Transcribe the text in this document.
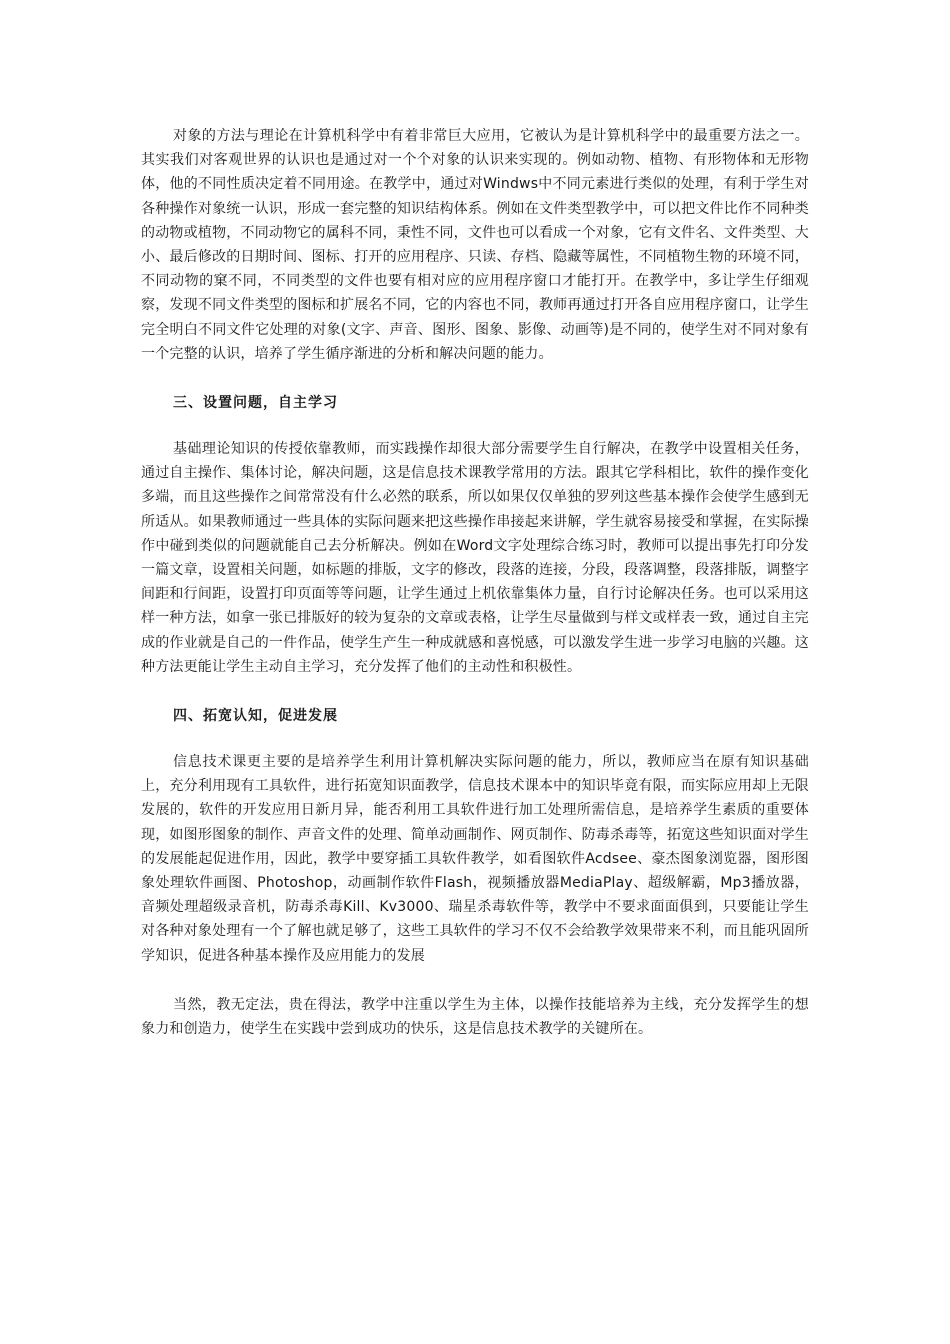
对象的方法与理论在计算机科学中有着非常巨大应用，它被认为是计算机科学中的最重要方法之一。其实我们对客观世界的认识也是通过对一个个对象的认识来实现的。例如动物、植物、有形物体和无形物体，他的不同性质决定着不同用途。在教学中，通过对Windws中不同元素进行类似的处理，有利于学生对各种操作对象统一认识，形成一套完整的知识结构体系。例如在文件类型教学中，可以把文件比作不同种类的动物或植物，不同动物它的属科不同，秉性不同，文件也可以看成一个对象，它有文件名、文件类型、大小、最后修改的日期时间、图标、打开的应用程序、只读、存档、隐藏等属性，不同植物生物的环境不同，不同动物的窠不同，不同类型的文件也要有相对应的应用程序窗口才能打开。在教学中，多让学生仔细观察，发现不同文件类型的图标和扩展名不同，它的内容也不同，教师再通过打开各自应用程序窗口，让学生完全明白不同文件它处理的对象(文字、声音、图形、图象、影像、动画等)是不同的，使学生对不同对象有一个完整的认识，培养了学生循序渐进的分析和解决问题的能力。

三、设置问题，自主学习

基础理论知识的传授依靠教师，而实践操作却很大部分需要学生自行解决，在教学中设置相关任务，通过自主操作、集体讨论，解决问题，这是信息技术课教学常用的方法。跟其它学科相比，软件的操作变化多端，而且这些操作之间常常没有什么必然的联系，所以如果仅仅单独的罗列这些基本操作会使学生感到无所适从。如果教师通过一些具体的实际问题来把这些操作串接起来讲解，学生就容易接受和掌握，在实际操作中碰到类似的问题就能自己去分析解决。例如在Word文字处理综合练习时，教师可以提出事先打印分发一篇文章，设置相关问题，如标题的排版，文字的修改，段落的连接，分段，段落调整，段落排版，调整字间距和行间距，设置打印页面等等问题，让学生通过上机依靠集体力量，自行讨论解决任务。也可以采用这样一种方法，如拿一张已排版好的较为复杂的文章或表格，让学生尽量做到与样文或样表一致，通过自主完成的作业就是自己的一件作品，使学生产生一种成就感和喜悦感，可以激发学生进一步学习电脑的兴趣。这种方法更能让学生主动自主学习，充分发挥了他们的主动性和积极性。

四、拓宽认知，促进发展

信息技术课更主要的是培养学生利用计算机解决实际问题的能力，所以，教师应当在原有知识基础上，充分利用现有工具软件，进行拓宽知识面教学，信息技术课本中的知识毕竟有限，而实际应用却上无限发展的，软件的开发应用日新月异，能否利用工具软件进行加工处理所需信息，是培养学生素质的重要体现，如图形图象的制作、声音文件的处理、简单动画制作、网页制作、防毒杀毒等，拓宽这些知识面对学生的发展能起促进作用，因此，教学中要穿插工具软件教学，如看图软件Acdsee、豪杰图象浏览器，图形图象处理软件画图、Photoshop，动画制作软件Flash，视频播放器MediaPlay、超级解霸，Mp3播放器，音频处理超级录音机，防毒杀毒Kill、Kv3000、瑞星杀毒软件等，教学中不要求面面俱到，只要能让学生对各种对象处理有一个了解也就足够了，这些工具软件的学习不仅不会给教学效果带来不利，而且能巩固所学知识，促进各种基本操作及应用能力的发展

当然，教无定法，贵在得法，教学中注重以学生为主体，以操作技能培养为主线，充分发挥学生的想象力和创造力，使学生在实践中尝到成功的快乐，这是信息技术教学的关键所在。
